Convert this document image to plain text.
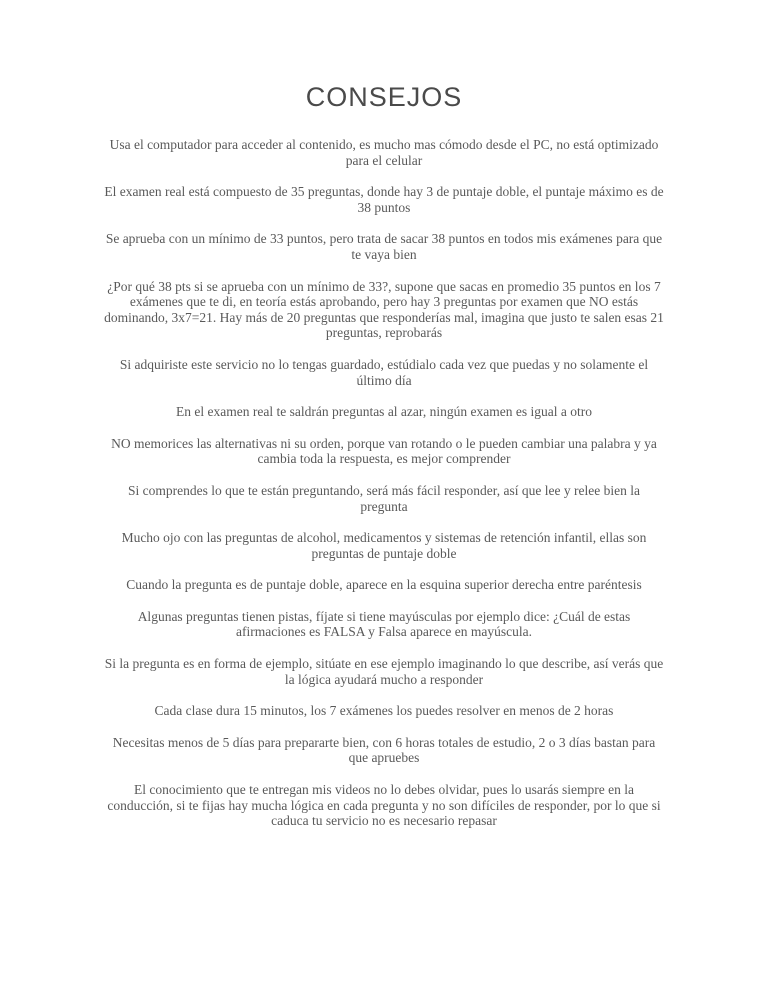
CONSEJOS

Usa el computador para acceder al contenido, es mucho mas cómodo desde el PC, no está optimizado para el celular

El examen real está compuesto de 35 preguntas, donde hay 3 de puntaje doble, el puntaje máximo es de 38 puntos

Se aprueba con un mínimo de 33 puntos, pero trata de sacar 38 puntos en todos mis exámenes para que te vaya bien

¿Por qué 38 pts si se aprueba con un mínimo de 33?, supone que sacas en promedio 35 puntos en los 7 exámenes que te di, en teoría estás aprobando, pero hay 3 preguntas por examen que NO estás dominando, 3x7=21. Hay más de 20 preguntas que responderías mal, imagina que justo te salen esas 21 preguntas, reprobarás

Si adquiriste este servicio no lo tengas guardado, estúdialo cada vez que puedas y no solamente el último día

En el examen real te saldrán preguntas al azar, ningún examen es igual a otro

NO memorices las alternativas ni su orden, porque van rotando o le pueden cambiar una palabra y ya cambia toda la respuesta, es mejor comprender

Si comprendes lo que te están preguntando, será más fácil responder, así que lee y relee bien la pregunta

Mucho ojo con las preguntas de alcohol, medicamentos y sistemas de retención infantil, ellas son preguntas de puntaje doble

Cuando la pregunta es de puntaje doble, aparece en la esquina superior derecha entre paréntesis

Algunas preguntas tienen pistas, fíjate si tiene mayúsculas por ejemplo dice: ¿Cuál de estas afirmaciones es FALSA y Falsa aparece en mayúscula.

Si la pregunta es en forma de ejemplo, sitúate en ese ejemplo imaginando lo que describe, así verás que la lógica ayudará mucho a responder

Cada clase dura 15 minutos, los 7 exámenes los puedes resolver en menos de 2 horas

Necesitas menos de 5 días para prepararte bien, con 6 horas totales de estudio, 2 o 3 días bastan para que apruebes

El conocimiento que te entregan mis videos no lo debes olvidar, pues lo usarás siempre en la conducción, si te fijas hay mucha lógica en cada pregunta y no son difíciles de responder, por lo que si caduca tu servicio no es necesario repasar
